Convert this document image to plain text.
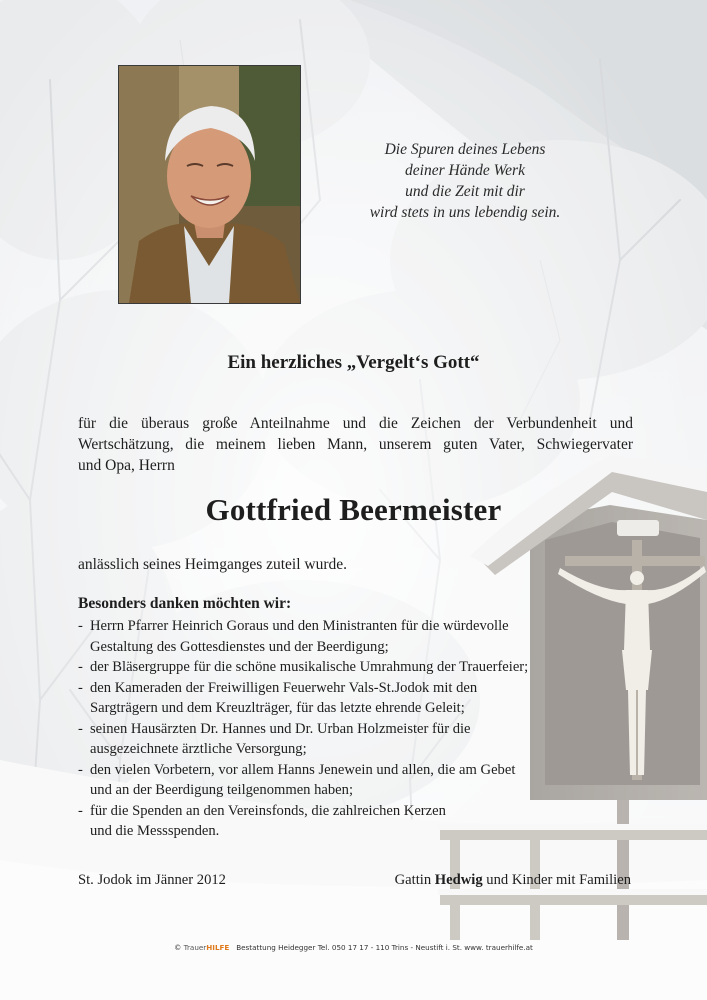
Die Spuren deines Lebens
deiner Hände Werk
und die Zeit mit dir
wird stets in uns lebendig sein.
Ein herzliches „Vergelt‘s Gott“
für die überaus große Anteilnahme und die Zeichen der Verbundenheit und
Wertschätzung, die meinem lieben Mann, unserem guten Vater, Schwiegervater
und Opa, Herrn
Gottfried Beermeister
anlässlich seines Heimganges zuteil wurde.
Besonders danken möchten wir:
- Herrn Pfarrer Heinrich Goraus und den Ministranten für die würdevolle
Gestaltung des Gottesdienstes und der Beerdigung;
- der Bläsergruppe für die schöne musikalische Umrahmung der Trauerfeier;
- den Kameraden der Freiwilligen Feuerwehr Vals-St.Jodok mit den
Sargträgern und dem Kreuzlträger, für das letzte ehrende Geleit;
- seinen Hausärzten Dr. Hannes und Dr. Urban Holzmeister für die
ausgezeichnete ärztliche Versorgung;
- den vielen Vorbetern, vor allem Hanns Jenewein und allen, die am Gebet
und an der Beerdigung teilgenommen haben;
- für die Spenden an den Vereinsfonds, die zahlreichen Kerzen
und die Messspenden.
St. Jodok im Jänner 2012	Gattin Hedwig und Kinder mit Familien
© TrauerHILFE Bestattung Heidegger Tel. 050 17 17 - 110 Trins - Neustift i. St. www. trauerhilfe.at
